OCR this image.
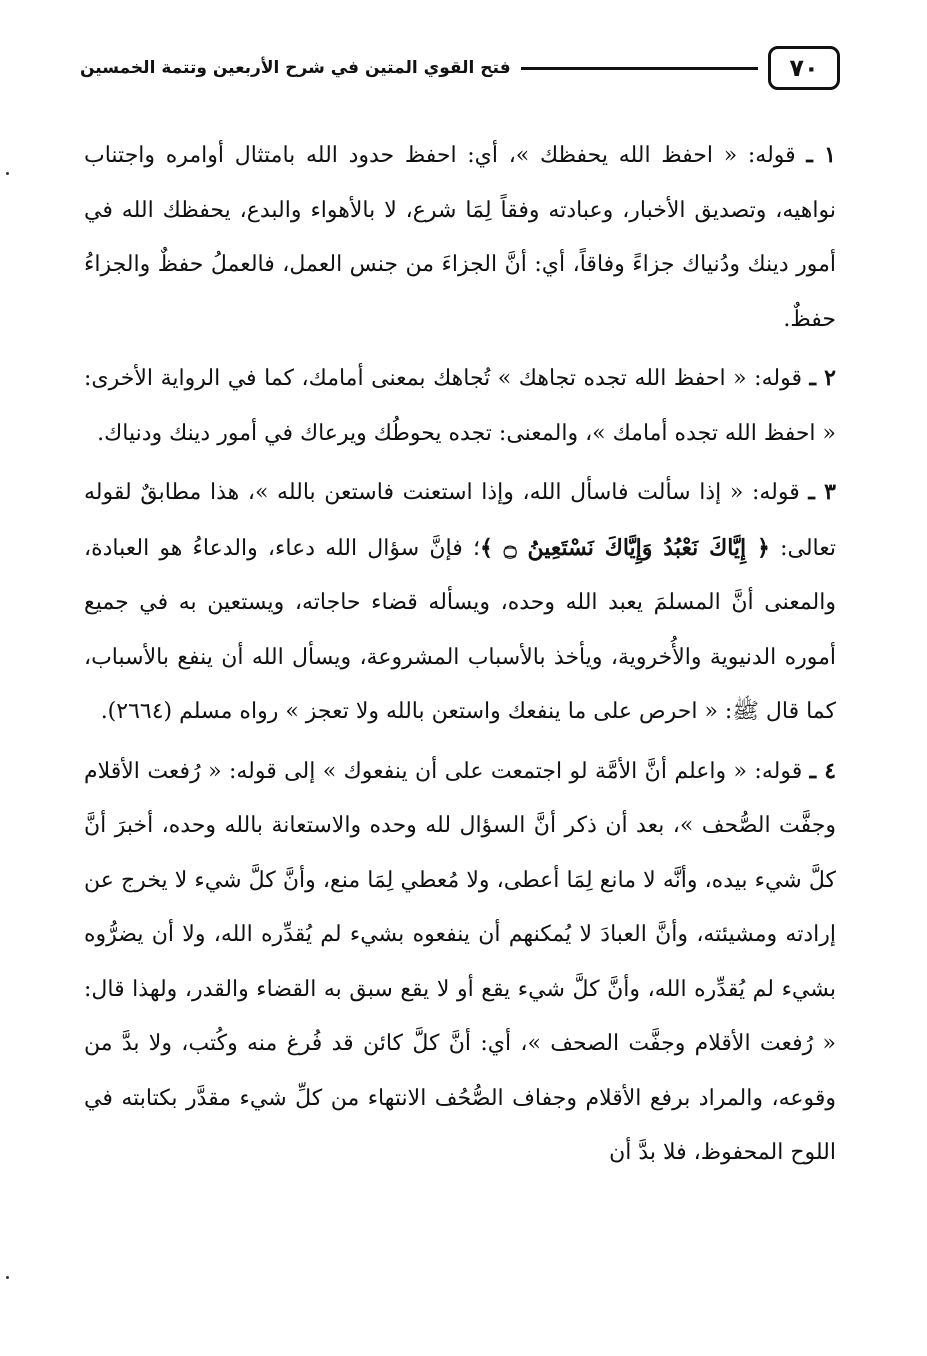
٧٠
فتح القوي المتين في شرح الأربعين وتتمة الخمسين

١ ـ قوله: « احفظ الله يحفظك »، أي: احفظ حدود الله بامتثال أوامره واجتناب نواهيه، وتصديق الأخبار، وعبادته وفقاً لِمَا شرع، لا بالأهواء والبدع، يحفظك الله في أمور دينك ودُنياك جزاءً وفاقاً، أي: أنَّ الجزاءَ من جنس العمل، فالعملُ حفظٌ والجزاءُ حفظٌ.

٢ ـ قوله: « احفظ الله تجده تجاهك » تُجاهك بمعنى أمامك، كما في الرواية الأخرى: « احفظ الله تجده أمامك »، والمعنى: تجده يحوطُك ويرعاك في أمور دينك ودنياك.

٣ ـ قوله: « إذا سألت فاسأل الله، وإذا استعنت فاستعن بالله »، هذا مطابقٌ لقوله تعالى: ﴿ إِيَّاكَ نَعْبُدُ وَإِيَّاكَ نَسْتَعِينُ ۝ ﴾؛ فإنَّ سؤال الله دعاء، والدعاءُ هو العبادة، والمعنى أنَّ المسلمَ يعبد الله وحده، ويسأله قضاء حاجاته، ويستعين به في جميع أموره الدنيوية والأُخروية، ويأخذ بالأسباب المشروعة، ويسأل الله أن ينفع بالأسباب، كما قال ﷺ: « احرص على ما ينفعك واستعن بالله ولا تعجز » رواه مسلم (٢٦٦٤).

٤ ـ قوله: « واعلم أنَّ الأمَّة لو اجتمعت على أن ينفعوك » إلى قوله: « رُفعت الأقلام وجفَّت الصُّحف »، بعد أن ذكر أنَّ السؤال لله وحده والاستعانة بالله وحده، أخبرَ أنَّ كلَّ شيء بيده، وأنَّه لا مانع لِمَا أعطى، ولا مُعطي لِمَا منع، وأنَّ كلَّ شيء لا يخرج عن إرادته ومشيئته، وأنَّ العبادَ لا يُمكنهم أن ينفعوه بشيء لم يُقدِّره الله، ولا أن يضرُّوه بشيء لم يُقدِّره الله، وأنَّ كلَّ شيء يقع أو لا يقع سبق به القضاء والقدر، ولهذا قال: « رُفعت الأقلام وجفَّت الصحف »، أي: أنَّ كلَّ كائن قد فُرغ منه وكُتب، ولا بدَّ من وقوعه، والمراد برفع الأقلام وجفاف الصُّحُف الانتهاء من كلِّ شيء مقدَّر بكتابته في اللوح المحفوظ، فلا بدَّ أن
